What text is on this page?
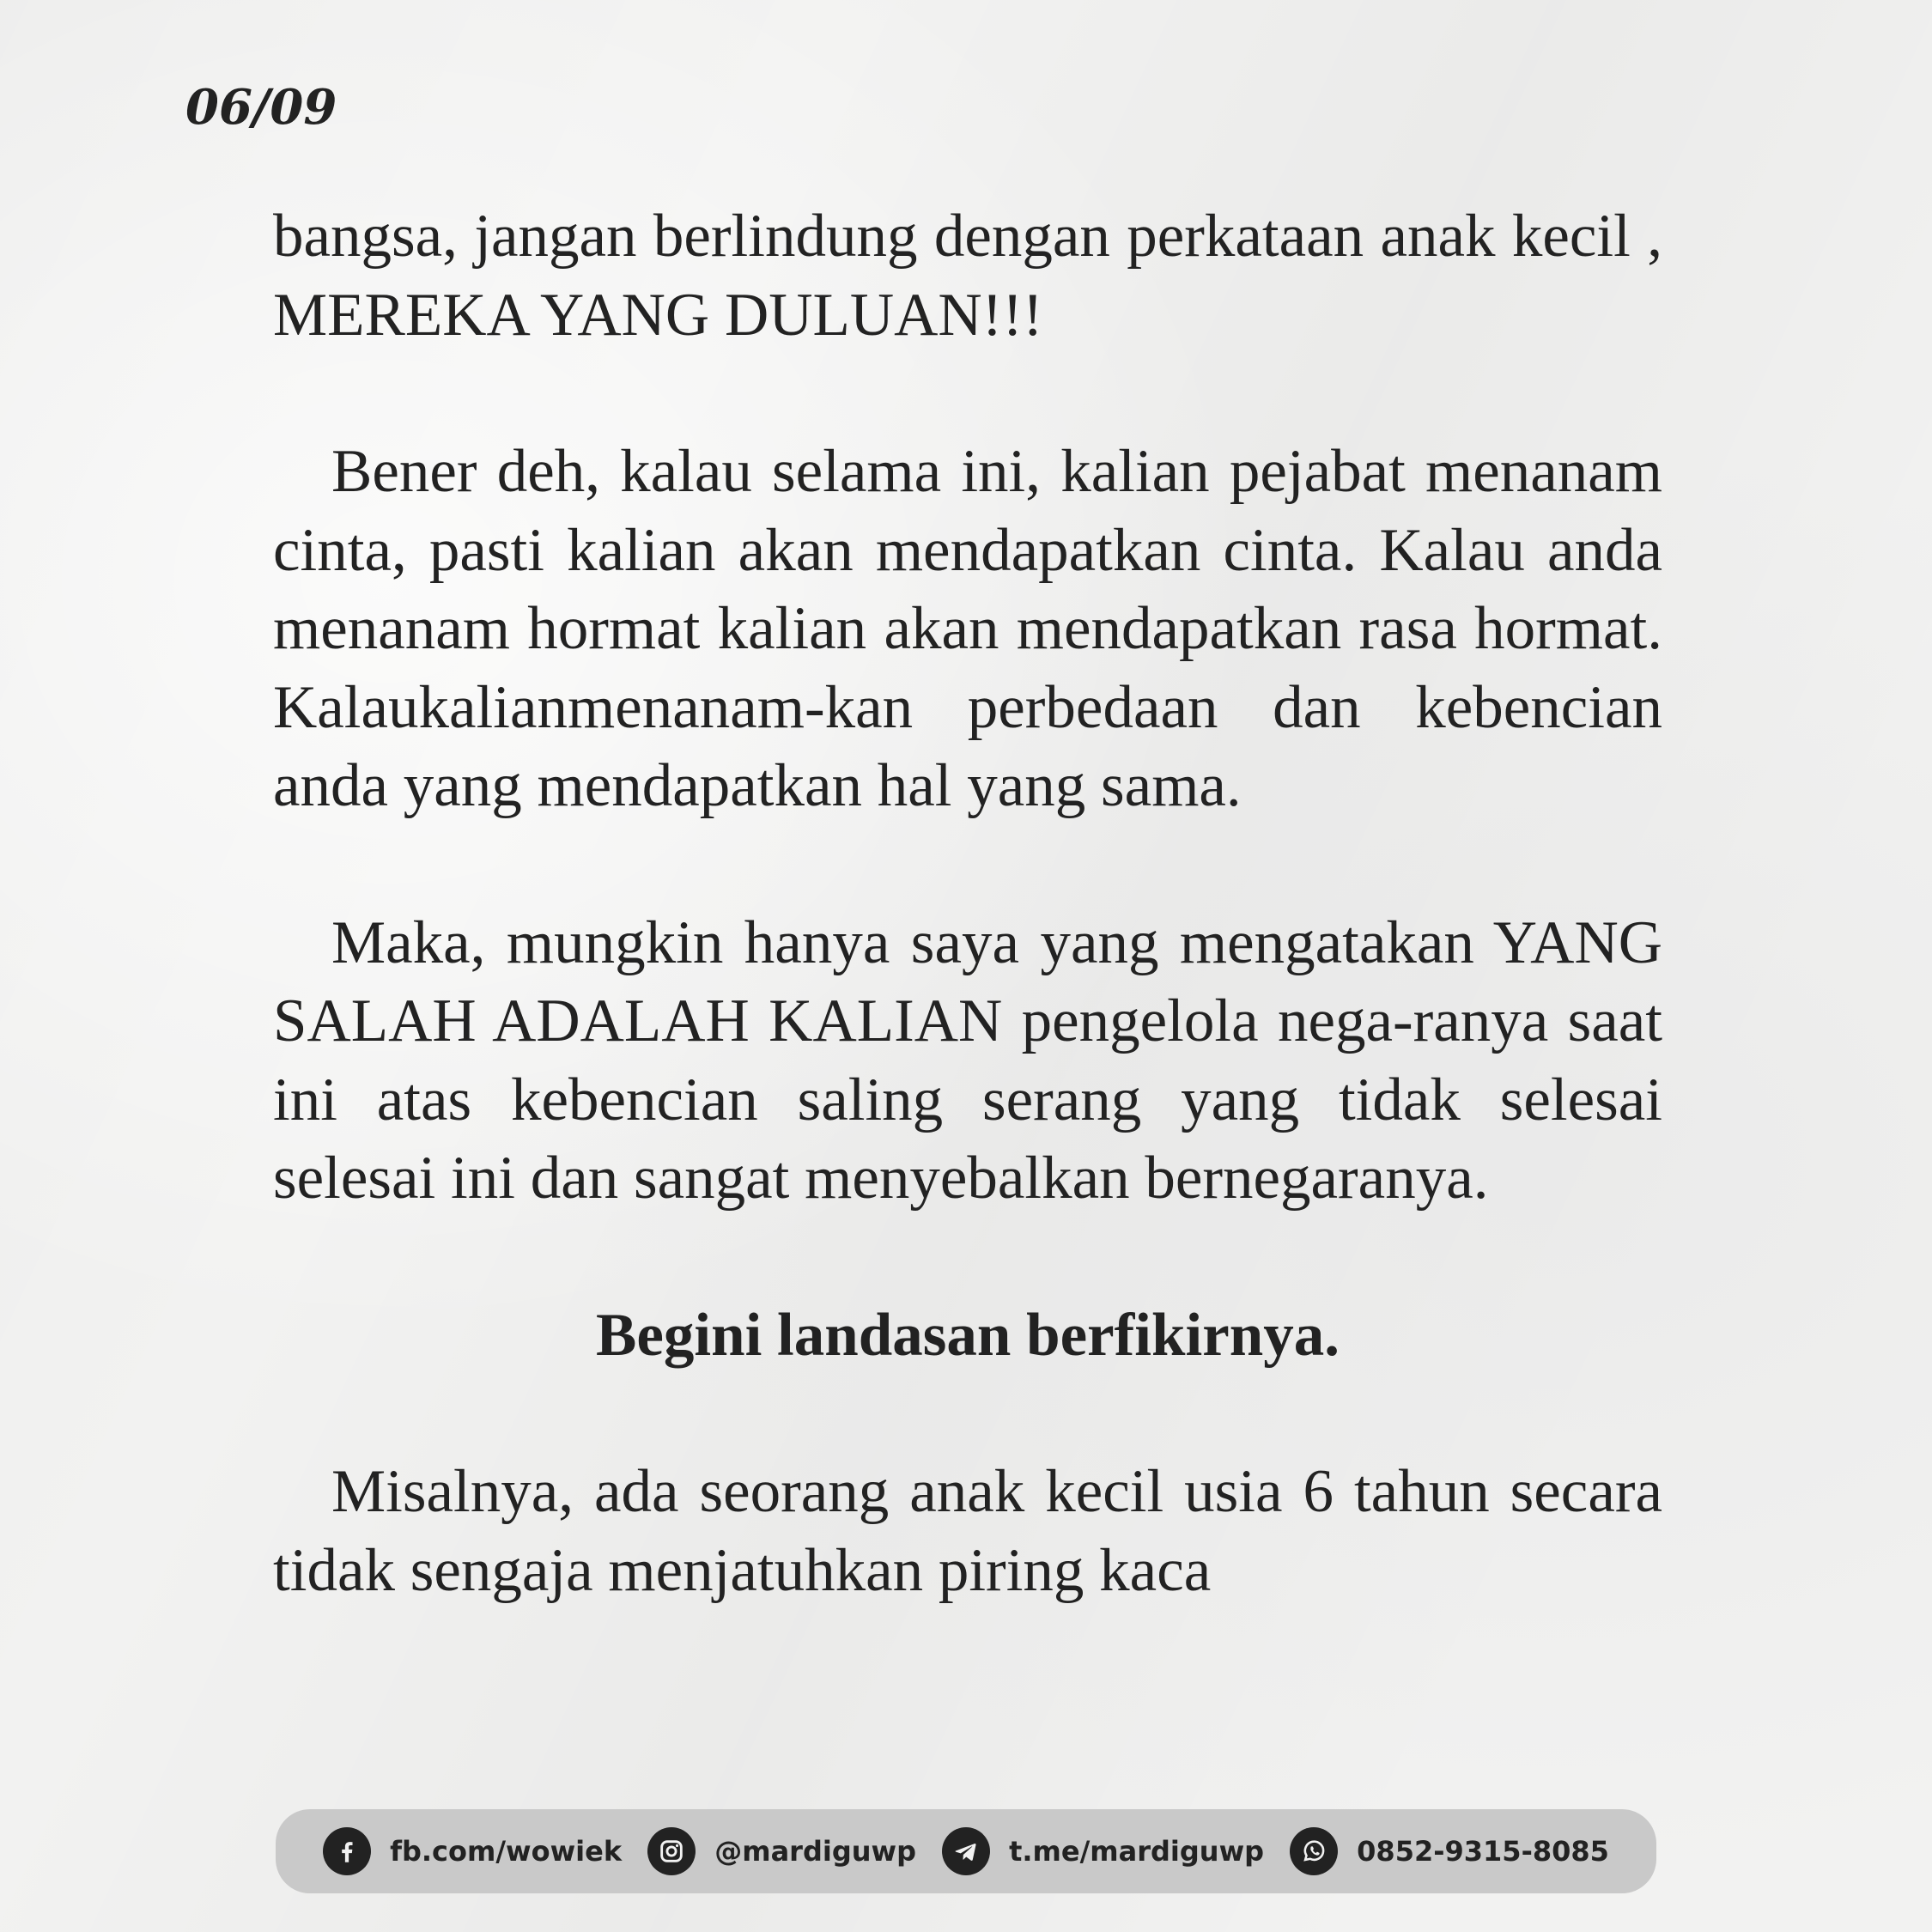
06/09

bangsa, jangan berlindung dengan perkataan anak kecil , MEREKA YANG DULUAN!!!

Bener deh, kalau selama ini, kalian pejabat menanam cinta, pasti kalian akan mendapatkan cinta. Kalau anda menanam hormat kalian akan mendapatkan rasa hormat. Kalaukalianmenanam-kan perbedaan dan kebencian anda yang mendapatkan hal yang sama.

Maka, mungkin hanya saya yang mengatakan YANG SALAH ADALAH KALIAN pengelola nega-ranya saat ini atas kebencian saling serang yang tidak selesai selesai ini dan sangat menyebalkan bernegaranya.

Begini landasan berfikirnya.

Misalnya, ada seorang anak kecil usia 6 tahun secara tidak sengaja menjatuhkan piring kaca

fb.com/wowiek	@mardiguwp	t.me/mardiguwp	0852-9315-8085
